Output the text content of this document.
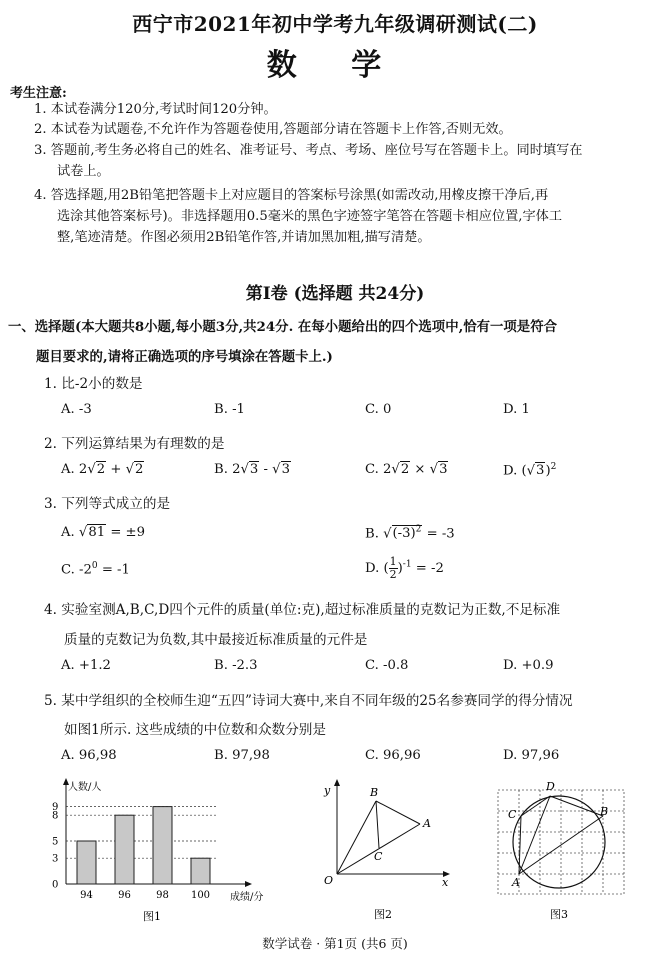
西宁市2021年初中学考九年级调研测试(二)
数 学
考生注意:
1. 本试卷满分120分,考试时间120分钟。
2. 本试卷为试题卷,不允许作为答题卷使用,答题部分请在答题卡上作答,否则无效。
3. 答题前,考生务必将自己的姓名、准考证号、考点、考场、座位号写在答题卡上。同时填写在
试卷上。
4. 答选择题,用2B铅笔把答题卡上对应题目的答案标号涂黑(如需改动,用橡皮擦干净后,再
选涂其他答案标号)。非选择题用0.5毫米的黑色字迹签字笔答在答题卡相应位置,字体工
整,笔迹清楚。作图必须用2B铅笔作答,并请加黑加粗,描写清楚。
第Ⅰ卷 (选择题 共24分)
一、选择题(本大题共8小题,每小题3分,共24分. 在每小题给出的四个选项中,恰有一项是符合
题目要求的,请将正确选项的序号填涂在答题卡上.)
1. 比-2小的数是
A. -3	B. -1	C. 0	D. 1
2. 下列运算结果为有理数的是
A. 2√2 + √2	B. 2√3 - √3	C. 2√2 × √3	D. $(√3)^2$
3. 下列等式成立的是
A. √81 = ±9	B. $√(-3)^2 = -3$
C. $-2^0 = -1$	D. ( $\frac{1}{2} )^{-1} = -2$
4. 实验室测A,B,C,D四个元件的质量(单位:克),超过标准质量的克数记为正数,不足标准
质量的克数记为负数,其中最接近标准质量的元件是
A. +1.2	B. -2.3	C. -0.8	D. +0.9
5. 某中学组织的全校师生迎“五四”诗词大赛中,来自不同年级的25名参赛同学的得分情况
如图1所示. 这些成绩的中位数和众数分别是
A. 96,98	B. 97,98	C. 96,96	D. 97,96
人数/人
成绩/分
图1
0
3
5
8
9
94	96	98 100
y
x
O
B
A
C
图2
D
C	B
A
图3
数学试卷 · 第1页 (共6 页)
